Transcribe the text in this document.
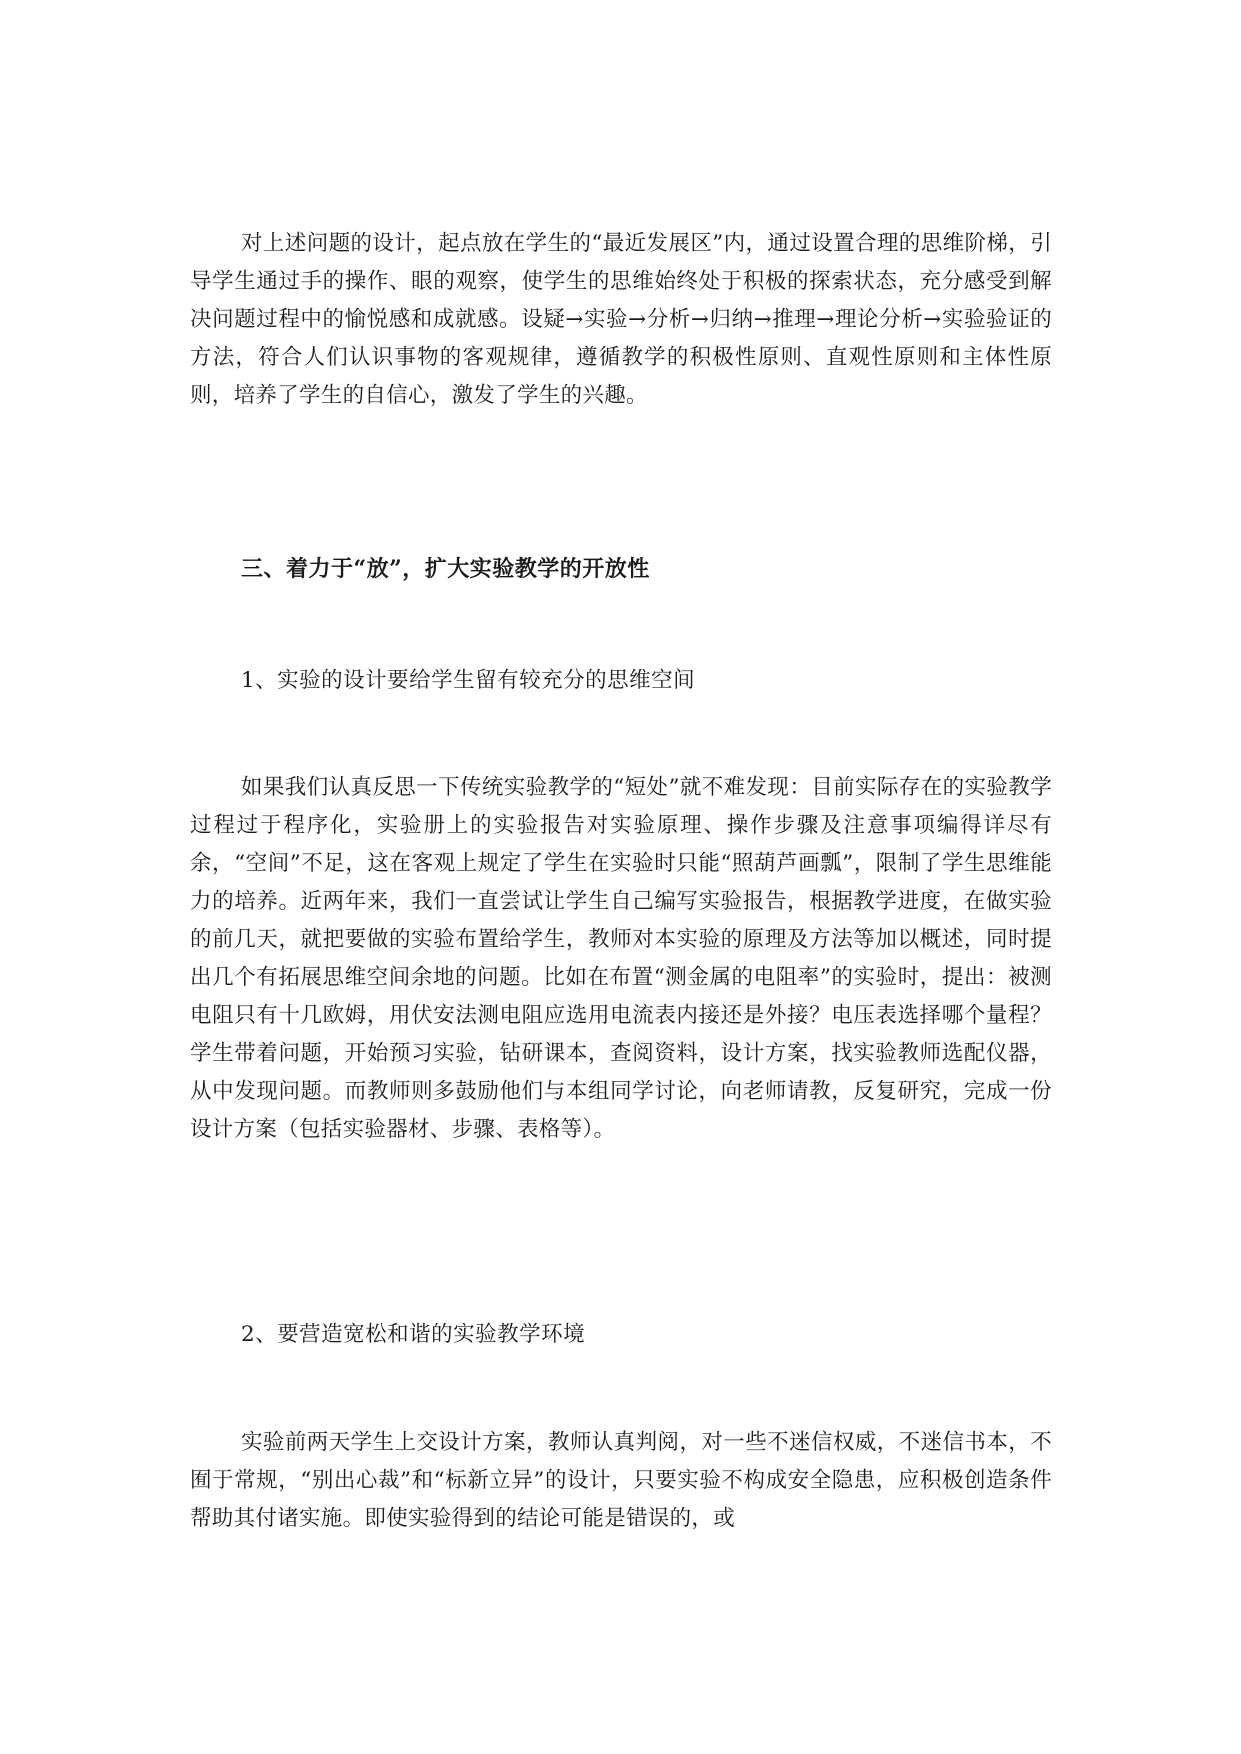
对上述问题的设计，起点放在学生的“最近发展区”内，通过设置合理的思维阶梯，引导学生通过手的操作、眼的观察，使学生的思维始终处于积极的探索状态，充分感受到解决问题过程中的愉悦感和成就感。设疑→实验→分析→归纳→推理→理论分析→实验验证的方法，符合人们认识事物的客观规律，遵循教学的积极性原则、直观性原则和主体性原则，培养了学生的自信心，激发了学生的兴趣。

三、着力于“放”，扩大实验教学的开放性

1、实验的设计要给学生留有较充分的思维空间

如果我们认真反思一下传统实验教学的“短处”就不难发现：目前实际存在的实验教学过程过于程序化，实验册上的实验报告对实验原理、操作步骤及注意事项编得详尽有余，“空间”不足，这在客观上规定了学生在实验时只能“照葫芦画瓢”，限制了学生思维能力的培养。近两年来，我们一直尝试让学生自己编写实验报告，根据教学进度，在做实验的前几天，就把要做的实验布置给学生，教师对本实验的原理及方法等加以概述，同时提出几个有拓展思维空间余地的问题。比如在布置“测金属的电阻率”的实验时，提出：被测电阻只有十几欧姆，用伏安法测电阻应选用电流表内接还是外接？电压表选择哪个量程？学生带着问题，开始预习实验，钻研课本，查阅资料，设计方案，找实验教师选配仪器，从中发现问题。而教师则多鼓励他们与本组同学讨论，向老师请教，反复研究，完成一份设计方案（包括实验器材、步骤、表格等）。

2、要营造宽松和谐的实验教学环境

实验前两天学生上交设计方案，教师认真判阅，对一些不迷信权威，不迷信书本，不囿于常规，“别出心裁”和“标新立异”的设计，只要实验不构成安全隐患，应积极创造条件帮助其付诸实施。即使实验得到的结论可能是错误的，或
